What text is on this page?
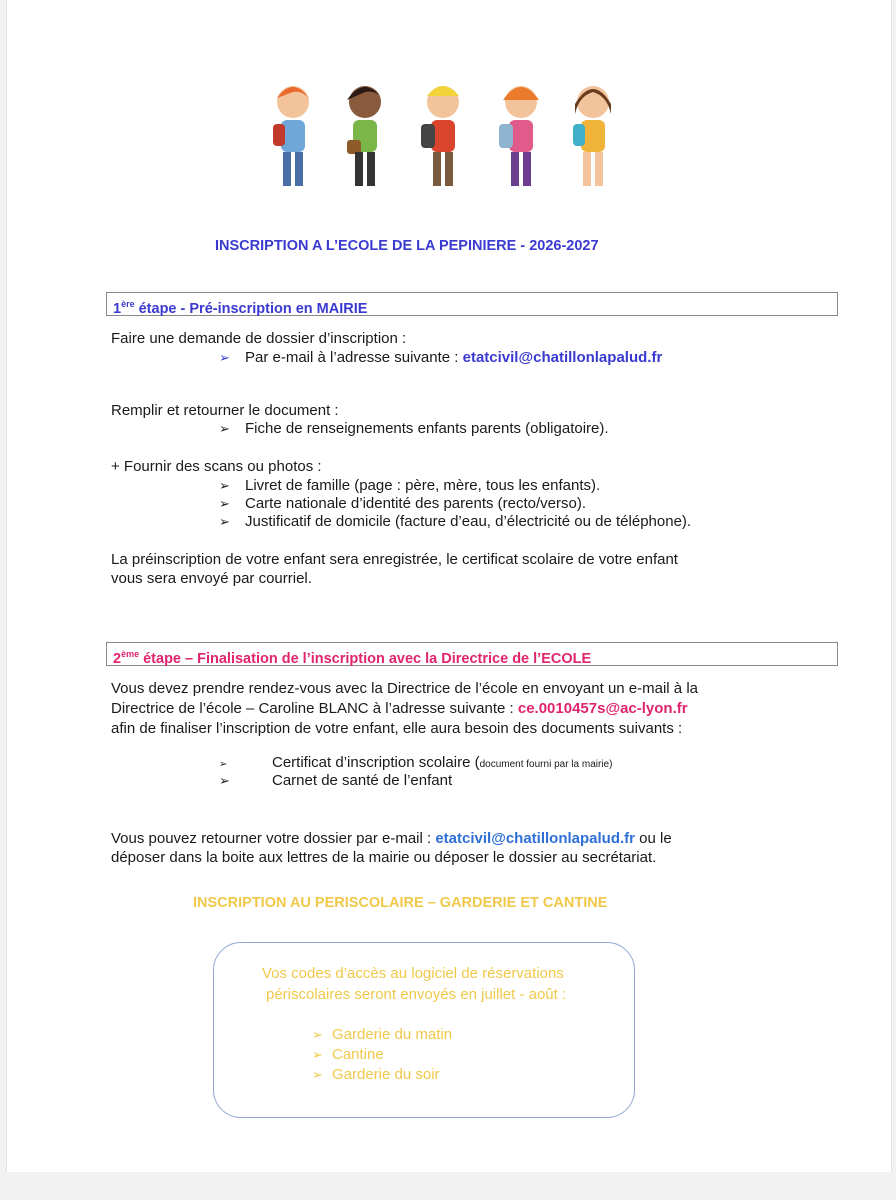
INSCRIPTION A L’ECOLE DE LA PEPINIERE - 2026-2027
1ère étape - Pré-inscription en MAIRIE
Faire une demande de dossier d’inscription :
➢ Par e-mail à l’adresse suivante : etatcivil@chatillonlapalud.fr
Remplir et retourner le document :
➢ Fiche de renseignements enfants parents (obligatoire).
+ Fournir des scans ou photos :
➢ Livret de famille (page : père, mère, tous les enfants).
➢ Carte nationale d’identité des parents (recto/verso).
➢ Justificatif de domicile (facture d’eau, d’électricité ou de téléphone).
La préinscription de votre enfant sera enregistrée, le certificat scolaire de votre enfant
vous sera envoyé par courriel.
2ème étape – Finalisation de l’inscription avec la Directrice de l’ECOLE
Vous devez prendre rendez-vous avec la Directrice de l’école en envoyant un e-mail à la
Directrice de l’école – Caroline BLANC à l’adresse suivante : ce.0010457s@ac-lyon.fr
afin de finaliser l’inscription de votre enfant, elle aura besoin des documents suivants :
➢	Certificat d’inscription scolaire (document fourni par la mairie)
➢	Carnet de santé de l’enfant
Vous pouvez retourner votre dossier par e-mail : etatcivil@chatillonlapalud.fr ou le
déposer dans la boite aux lettres de la mairie ou déposer le dossier au secrétariat.
INSCRIPTION AU PERISCOLAIRE – GARDERIE ET CANTINE
Vos codes d’accès au logiciel de réservations
périscolaires seront envoyés en juillet - août :
➢ Garderie du matin
➢ Cantine
➢ Garderie du soir
